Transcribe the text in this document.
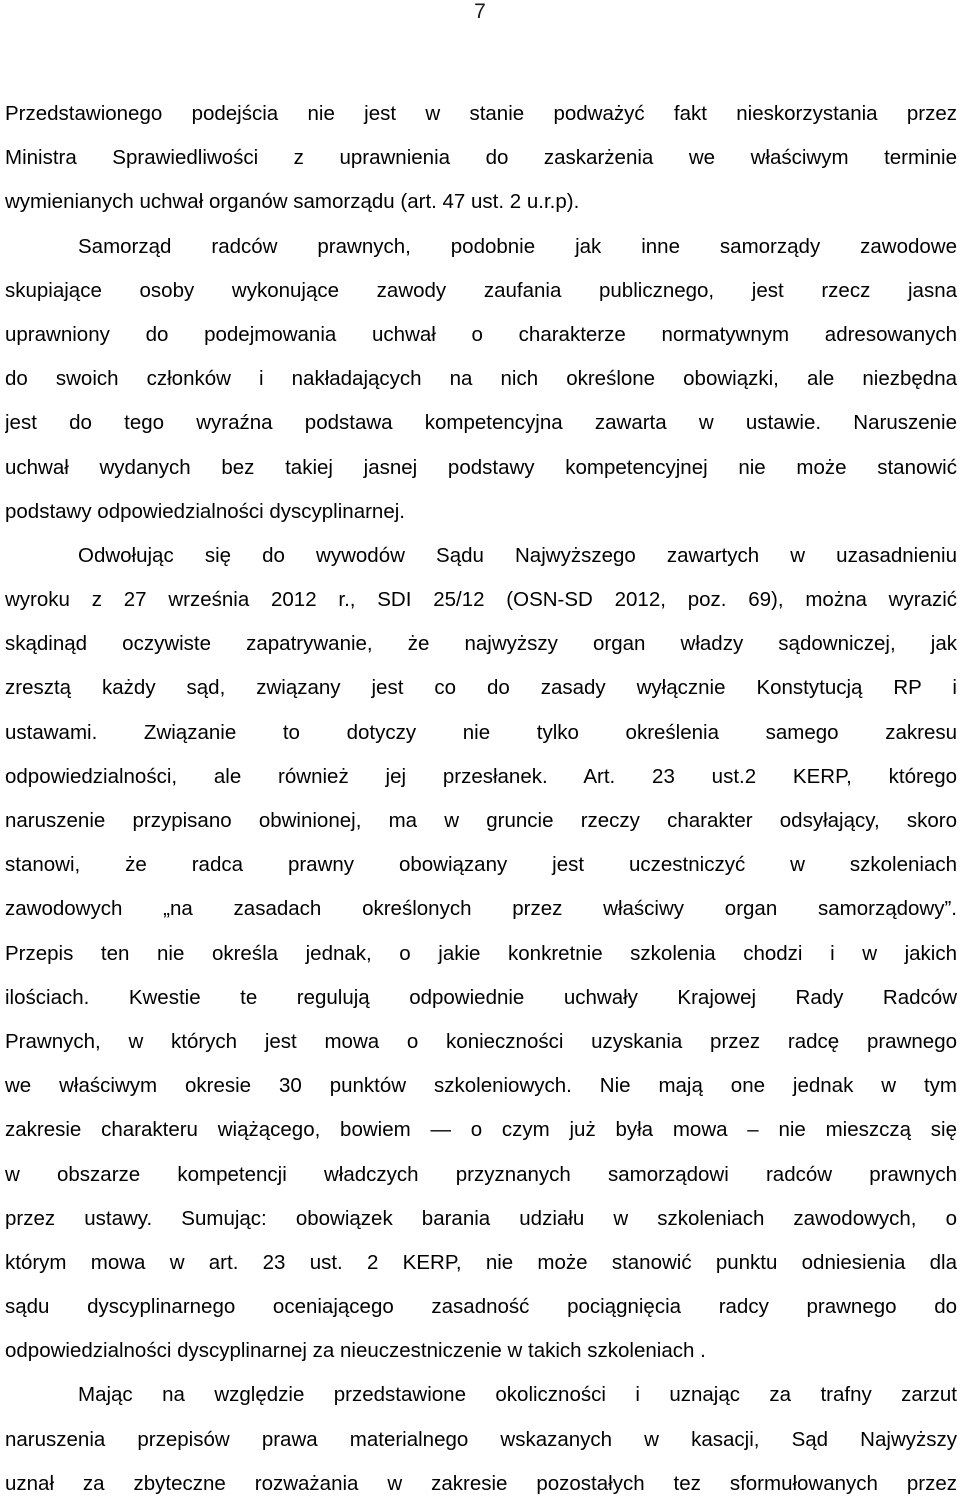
7
Przedstawionego podejścia nie jest w stanie podważyć fakt nieskorzystania przez
Ministra Sprawiedliwości z uprawnienia do zaskarżenia we właściwym terminie
wymienianych uchwał organów samorządu (art. 47 ust. 2 u.r.p).
Samorząd radców prawnych, podobnie jak inne samorządy zawodowe
skupiające osoby wykonujące zawody zaufania publicznego, jest rzecz jasna
uprawniony do podejmowania uchwał o charakterze normatywnym adresowanych
do swoich członków i nakładających na nich określone obowiązki, ale niezbędna
jest do tego wyraźna podstawa kompetencyjna zawarta w ustawie. Naruszenie
uchwał wydanych bez takiej jasnej podstawy kompetencyjnej nie może stanowić
podstawy odpowiedzialności dyscyplinarnej.
Odwołując się do wywodów Sądu Najwyższego zawartych w uzasadnieniu
wyroku z 27 września 2012 r., SDI 25/12 (OSN-SD 2012, poz. 69), można wyrazić
skądinąd oczywiste zapatrywanie, że najwyższy organ władzy sądowniczej, jak
zresztą każdy sąd, związany jest co do zasady wyłącznie Konstytucją RP i
ustawami. Związanie to dotyczy nie tylko określenia samego zakresu
odpowiedzialności, ale również jej przesłanek. Art. 23 ust.2 KERP, którego
naruszenie przypisano obwinionej, ma w gruncie rzeczy charakter odsyłający, skoro
stanowi, że radca prawny obowiązany jest uczestniczyć w szkoleniach
zawodowych „na zasadach określonych przez właściwy organ samorządowy”.
Przepis ten nie określa jednak, o jakie konkretnie szkolenia chodzi i w jakich
ilościach. Kwestie te regulują odpowiednie uchwały Krajowej Rady Radców
Prawnych, w których jest mowa o konieczności uzyskania przez radcę prawnego
we właściwym okresie 30 punktów szkoleniowych. Nie mają one jednak w tym
zakresie charakteru wiążącego, bowiem — o czym już była mowa – nie mieszczą się
w obszarze kompetencji władczych przyznanych samorządowi radców prawnych
przez ustawy. Sumując: obowiązek barania udziału w szkoleniach zawodowych, o
którym mowa w art. 23 ust. 2 KERP, nie może stanowić punktu odniesienia dla
sądu dyscyplinarnego oceniającego zasadność pociągnięcia radcy prawnego do
odpowiedzialności dyscyplinarnej za nieuczestniczenie w takich szkoleniach .
Mając na względzie przedstawione okoliczności i uznając za trafny zarzut
naruszenia przepisów prawa materialnego wskazanych w kasacji, Sąd Najwyższy
uznał za zbyteczne rozważania w zakresie pozostałych tez sformułowanych przez
